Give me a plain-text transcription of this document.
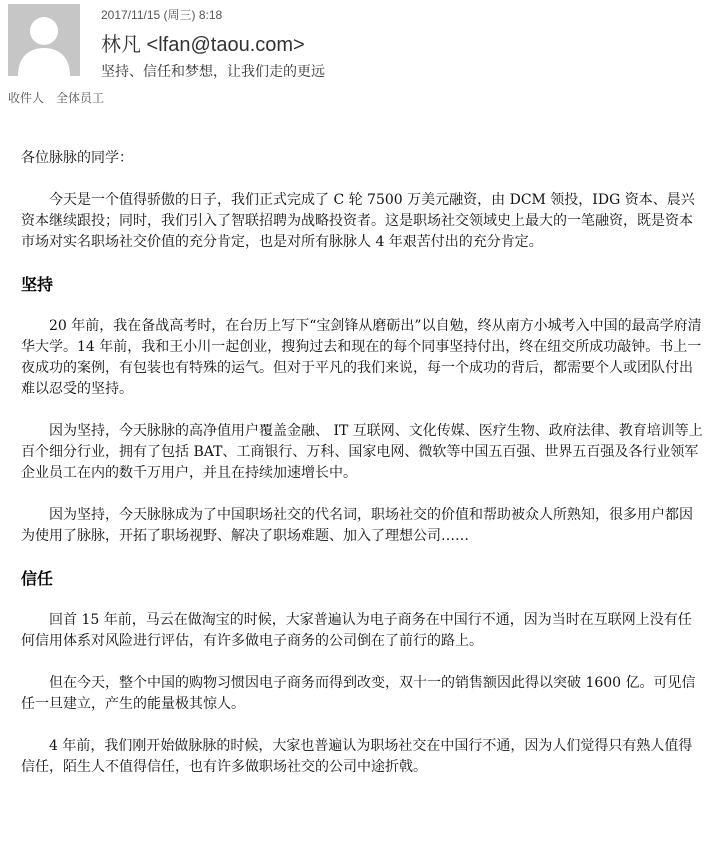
2017/11/15 (周三) 8:18
林凡 <lfan@taou.com>
坚持、信任和梦想，让我们走的更远
收件人 全体员工

各位脉脉的同学：

今天是一个值得骄傲的日子，我们正式完成了 C 轮 7500 万美元融资，由 DCM 领投，IDG 资本、晨兴资本继续跟投；同时，我们引入了智联招聘为战略投资者。这是职场社交领域史上最大的一笔融资，既是资本市场对实名职场社交价值的充分肯定，也是对所有脉脉人 4 年艰苦付出的充分肯定。

坚持

20 年前，我在备战高考时，在台历上写下“宝剑锋从磨砺出”以自勉，终从南方小城考入中国的最高学府清华大学。14 年前，我和王小川一起创业，搜狗过去和现在的每个同事坚持付出，终在纽交所成功敲钟。书上一夜成功的案例，有包装也有特殊的运气。但对于平凡的我们来说，每一个成功的背后，都需要个人或团队付出难以忍受的坚持。

因为坚持，今天脉脉的高净值用户覆盖金融、 IT 互联网、文化传媒、医疗生物、政府法律、教育培训等上百个细分行业，拥有了包括 BAT、工商银行、万科、国家电网、微软等中国五百强、世界五百强及各行业领军企业员工在内的数千万用户，并且在持续加速增长中。

因为坚持，今天脉脉成为了中国职场社交的代名词，职场社交的价值和帮助被众人所熟知，很多用户都因为使用了脉脉，开拓了职场视野、解决了职场难题、加入了理想公司……

信任

回首 15 年前，马云在做淘宝的时候，大家普遍认为电子商务在中国行不通，因为当时在互联网上没有任何信用体系对风险进行评估，有许多做电子商务的公司倒在了前行的路上。

但在今天，整个中国的购物习惯因电子商务而得到改变，双十一的销售额因此得以突破 1600 亿。可见信任一旦建立，产生的能量极其惊人。

4 年前，我们刚开始做脉脉的时候，大家也普遍认为职场社交在中国行不通，因为人们觉得只有熟人值得信任，陌生人不值得信任，也有许多做职场社交的公司中途折戟。
